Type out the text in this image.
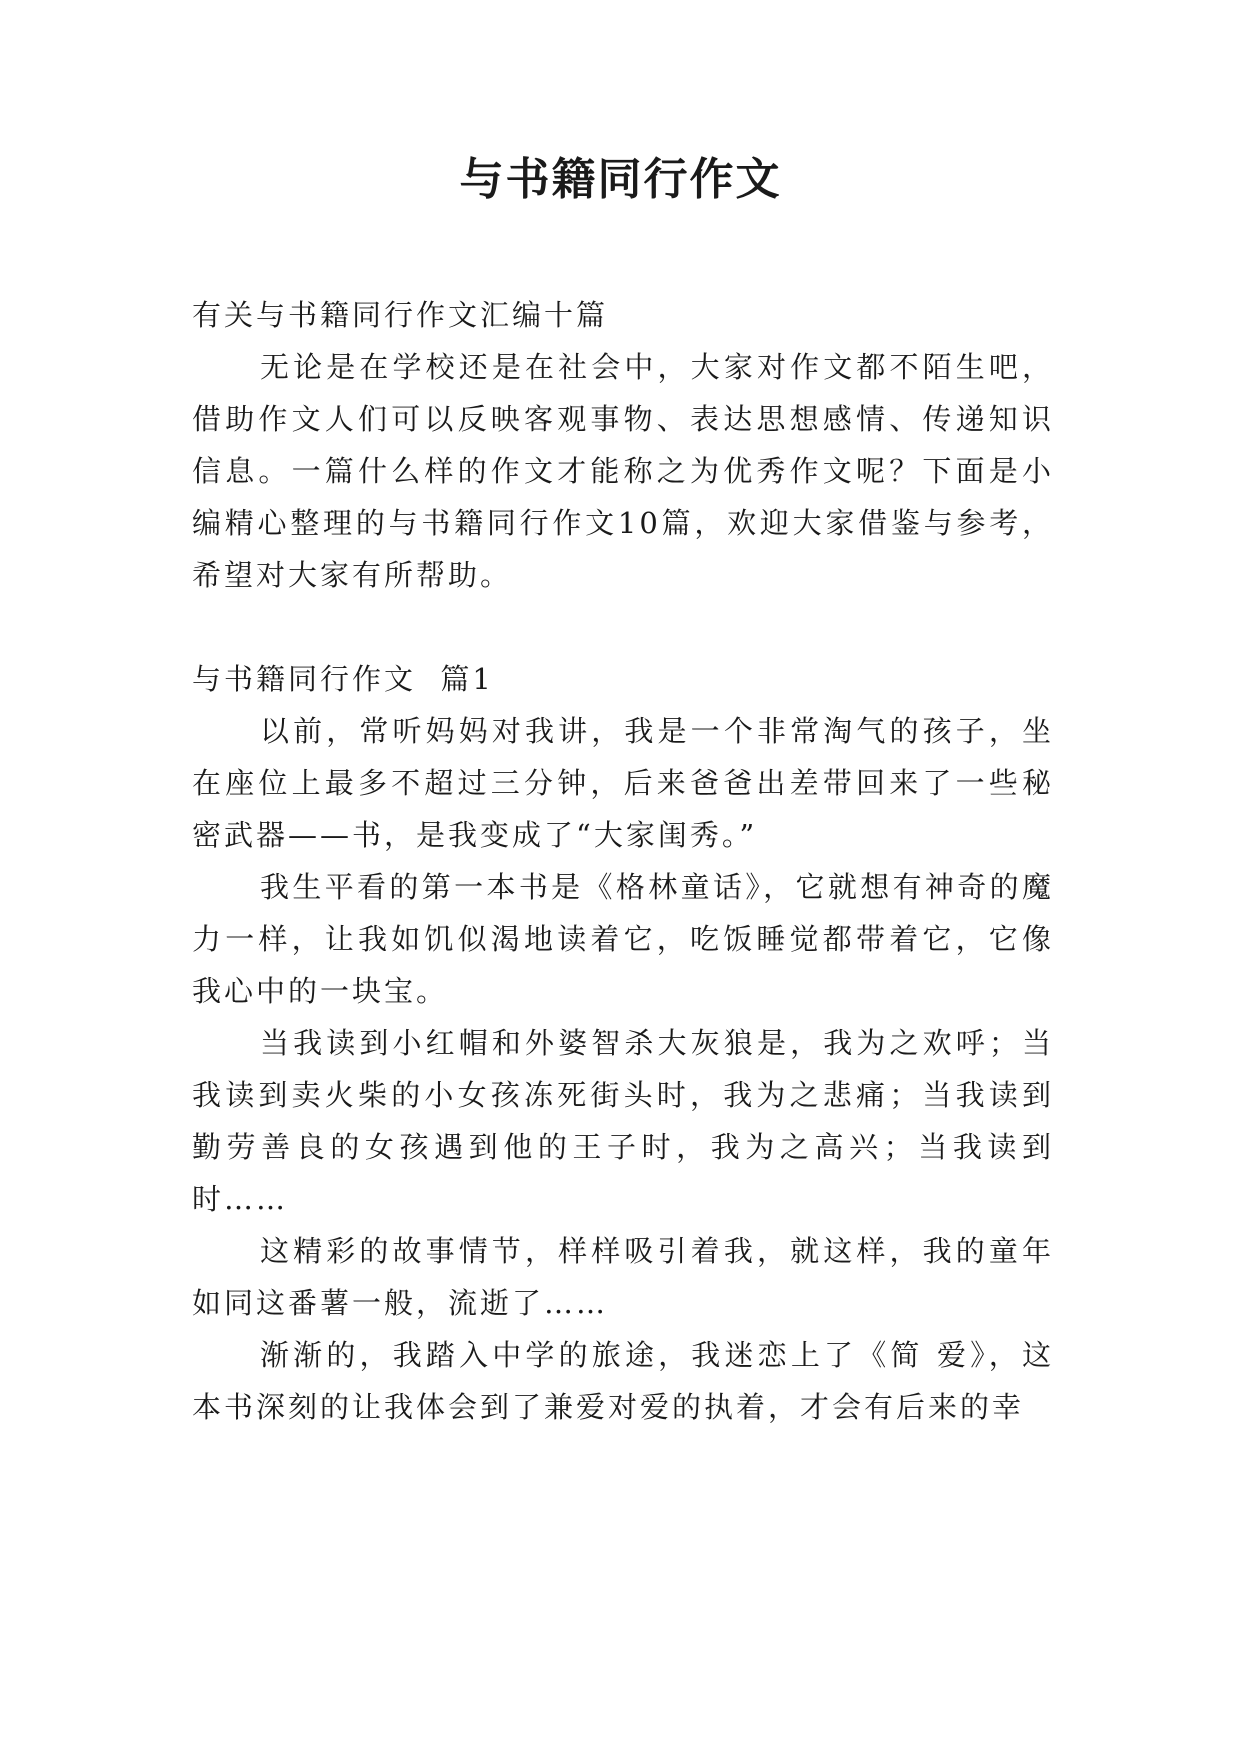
与书籍同行作文

有关与书籍同行作文汇编十篇

无论是在学校还是在社会中，大家对作文都不陌生吧，借助作文人们可以反映客观事物、表达思想感情、传递知识信息。一篇什么样的作文才能称之为优秀作文呢？下面是小编精心整理的与书籍同行作文10篇，欢迎大家借鉴与参考，希望对大家有所帮助。

与书籍同行作文  篇1

以前，常听妈妈对我讲，我是一个非常淘气的孩子，坐在座位上最多不超过三分钟，后来爸爸出差带回来了一些秘密武器——书，是我变成了“大家闺秀。”

我生平看的第一本书是《格林童话》，它就想有神奇的魔力一样，让我如饥似渴地读着它，吃饭睡觉都带着它，它像我心中的一块宝。

当我读到小红帽和外婆智杀大灰狼是，我为之欢呼；当我读到卖火柴的小女孩冻死街头时，我为之悲痛；当我读到勤劳善良的女孩遇到他的王子时，我为之高兴；当我读到时……

这精彩的故事情节，样样吸引着我，就这样，我的童年如同这番薯一般，流逝了……

渐渐的，我踏入中学的旅途，我迷恋上了《简 爱》，这本书深刻的让我体会到了兼爱对爱的执着，才会有后来的幸
